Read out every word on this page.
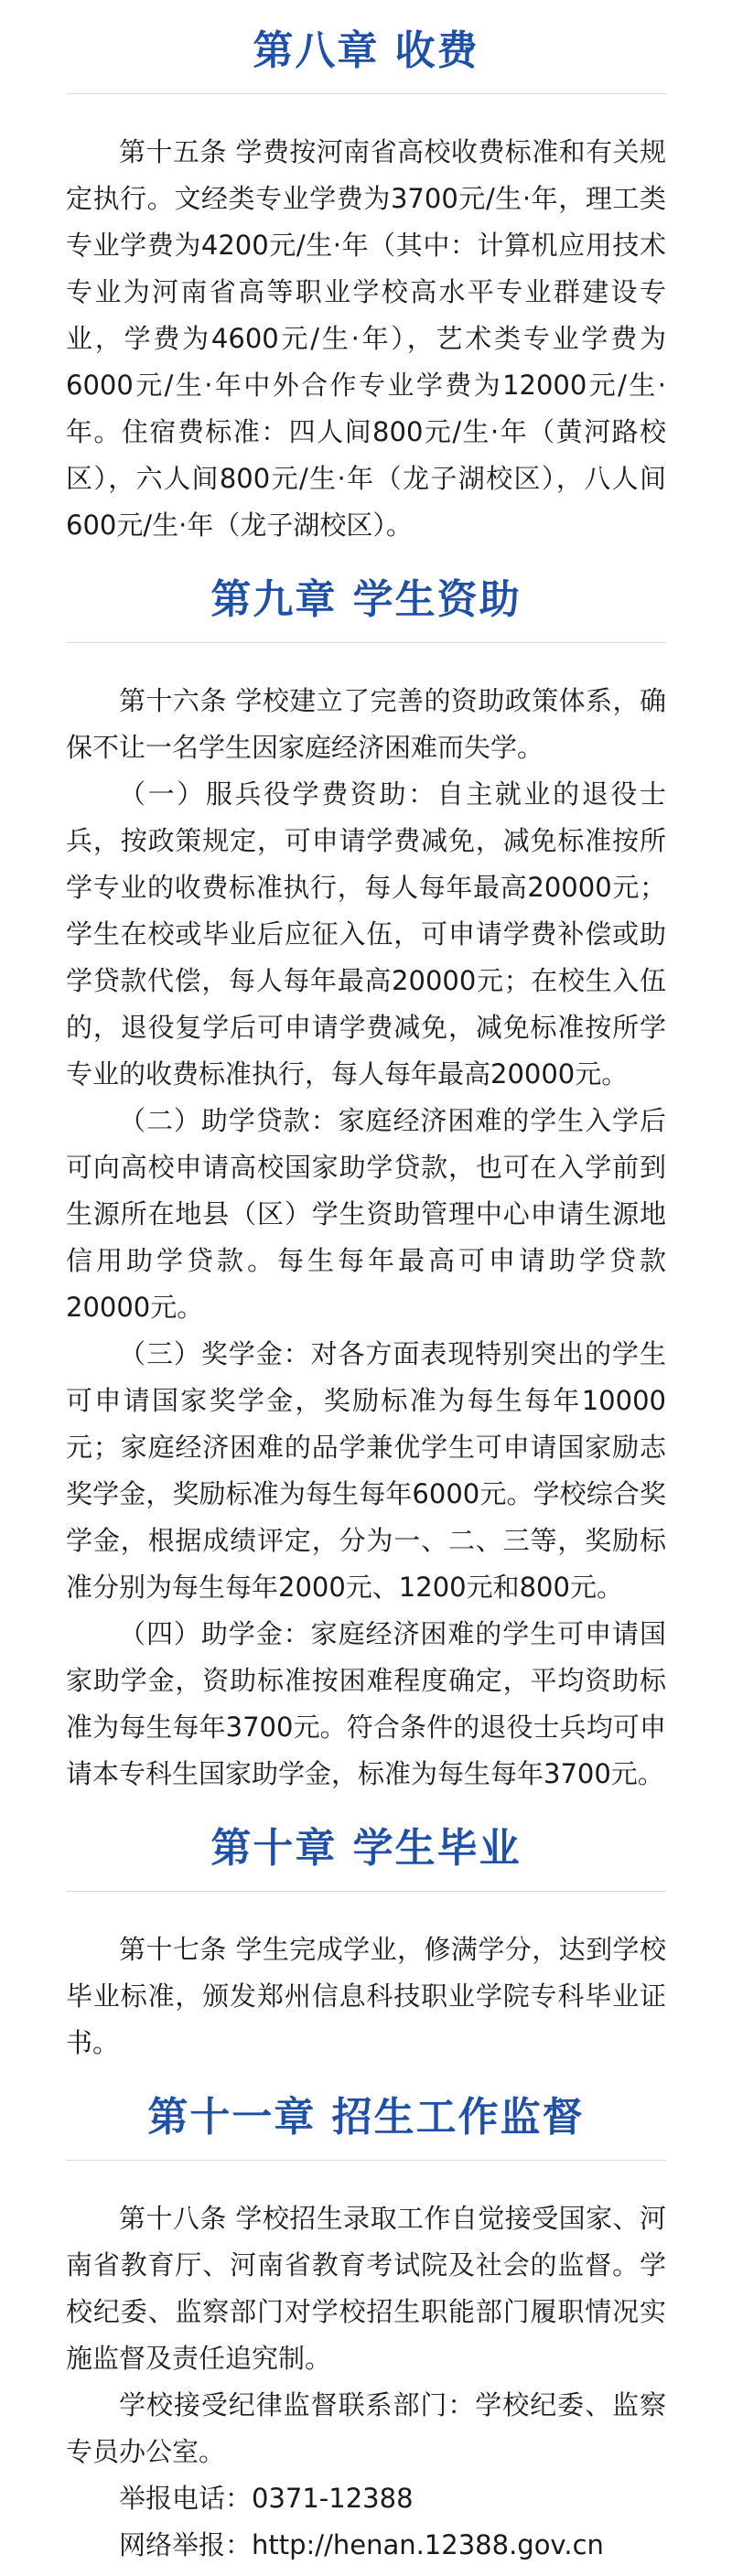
第八章 收费

第十五条 学费按河南省高校收费标准和有关规定执行。文经类专业学费为3700元/生·年，理工类专业学费为4200元/生·年（其中：计算机应用技术专业为河南省高等职业学校高水平专业群建设专业，学费为4600元/生·年），艺术类专业学费为6000元/生·年中外合作专业学费为12000元/生·年。住宿费标准：四人间800元/生·年（黄河路校区），六人间800元/生·年（龙子湖校区），八人间600元/生·年（龙子湖校区）。

第九章 学生资助

第十六条 学校建立了完善的资助政策体系，确保不让一名学生因家庭经济困难而失学。

（一）服兵役学费资助：自主就业的退役士兵，按政策规定，可申请学费减免，减免标准按所学专业的收费标准执行，每人每年最高20000元；学生在校或毕业后应征入伍，可申请学费补偿或助学贷款代偿，每人每年最高20000元；在校生入伍的，退役复学后可申请学费减免，减免标准按所学专业的收费标准执行，每人每年最高20000元。

（二）助学贷款：家庭经济困难的学生入学后可向高校申请高校国家助学贷款，也可在入学前到生源所在地县（区）学生资助管理中心申请生源地信用助学贷款。每生每年最高可申请助学贷款20000元。

（三）奖学金：对各方面表现特别突出的学生可申请国家奖学金，奖励标准为每生每年10000元；家庭经济困难的品学兼优学生可申请国家励志奖学金，奖励标准为每生每年6000元。学校综合奖学金，根据成绩评定，分为一、二、三等，奖励标准分别为每生每年2000元、1200元和800元。

（四）助学金：家庭经济困难的学生可申请国家助学金，资助标准按困难程度确定，平均资助标准为每生每年3700元。符合条件的退役士兵均可申请本专科生国家助学金，标准为每生每年3700元。

第十章 学生毕业

第十七条 学生完成学业，修满学分，达到学校毕业标准，颁发郑州信息科技职业学院专科毕业证书。

第十一章 招生工作监督

第十八条 学校招生录取工作自觉接受国家、河南省教育厅、河南省教育考试院及社会的监督。学校纪委、监察部门对学校招生职能部门履职情况实施监督及责任追究制。

学校接受纪律监督联系部门：学校纪委、监察专员办公室。

举报电话：0371-12388

网络举报：http://henan.12388.gov.cn
